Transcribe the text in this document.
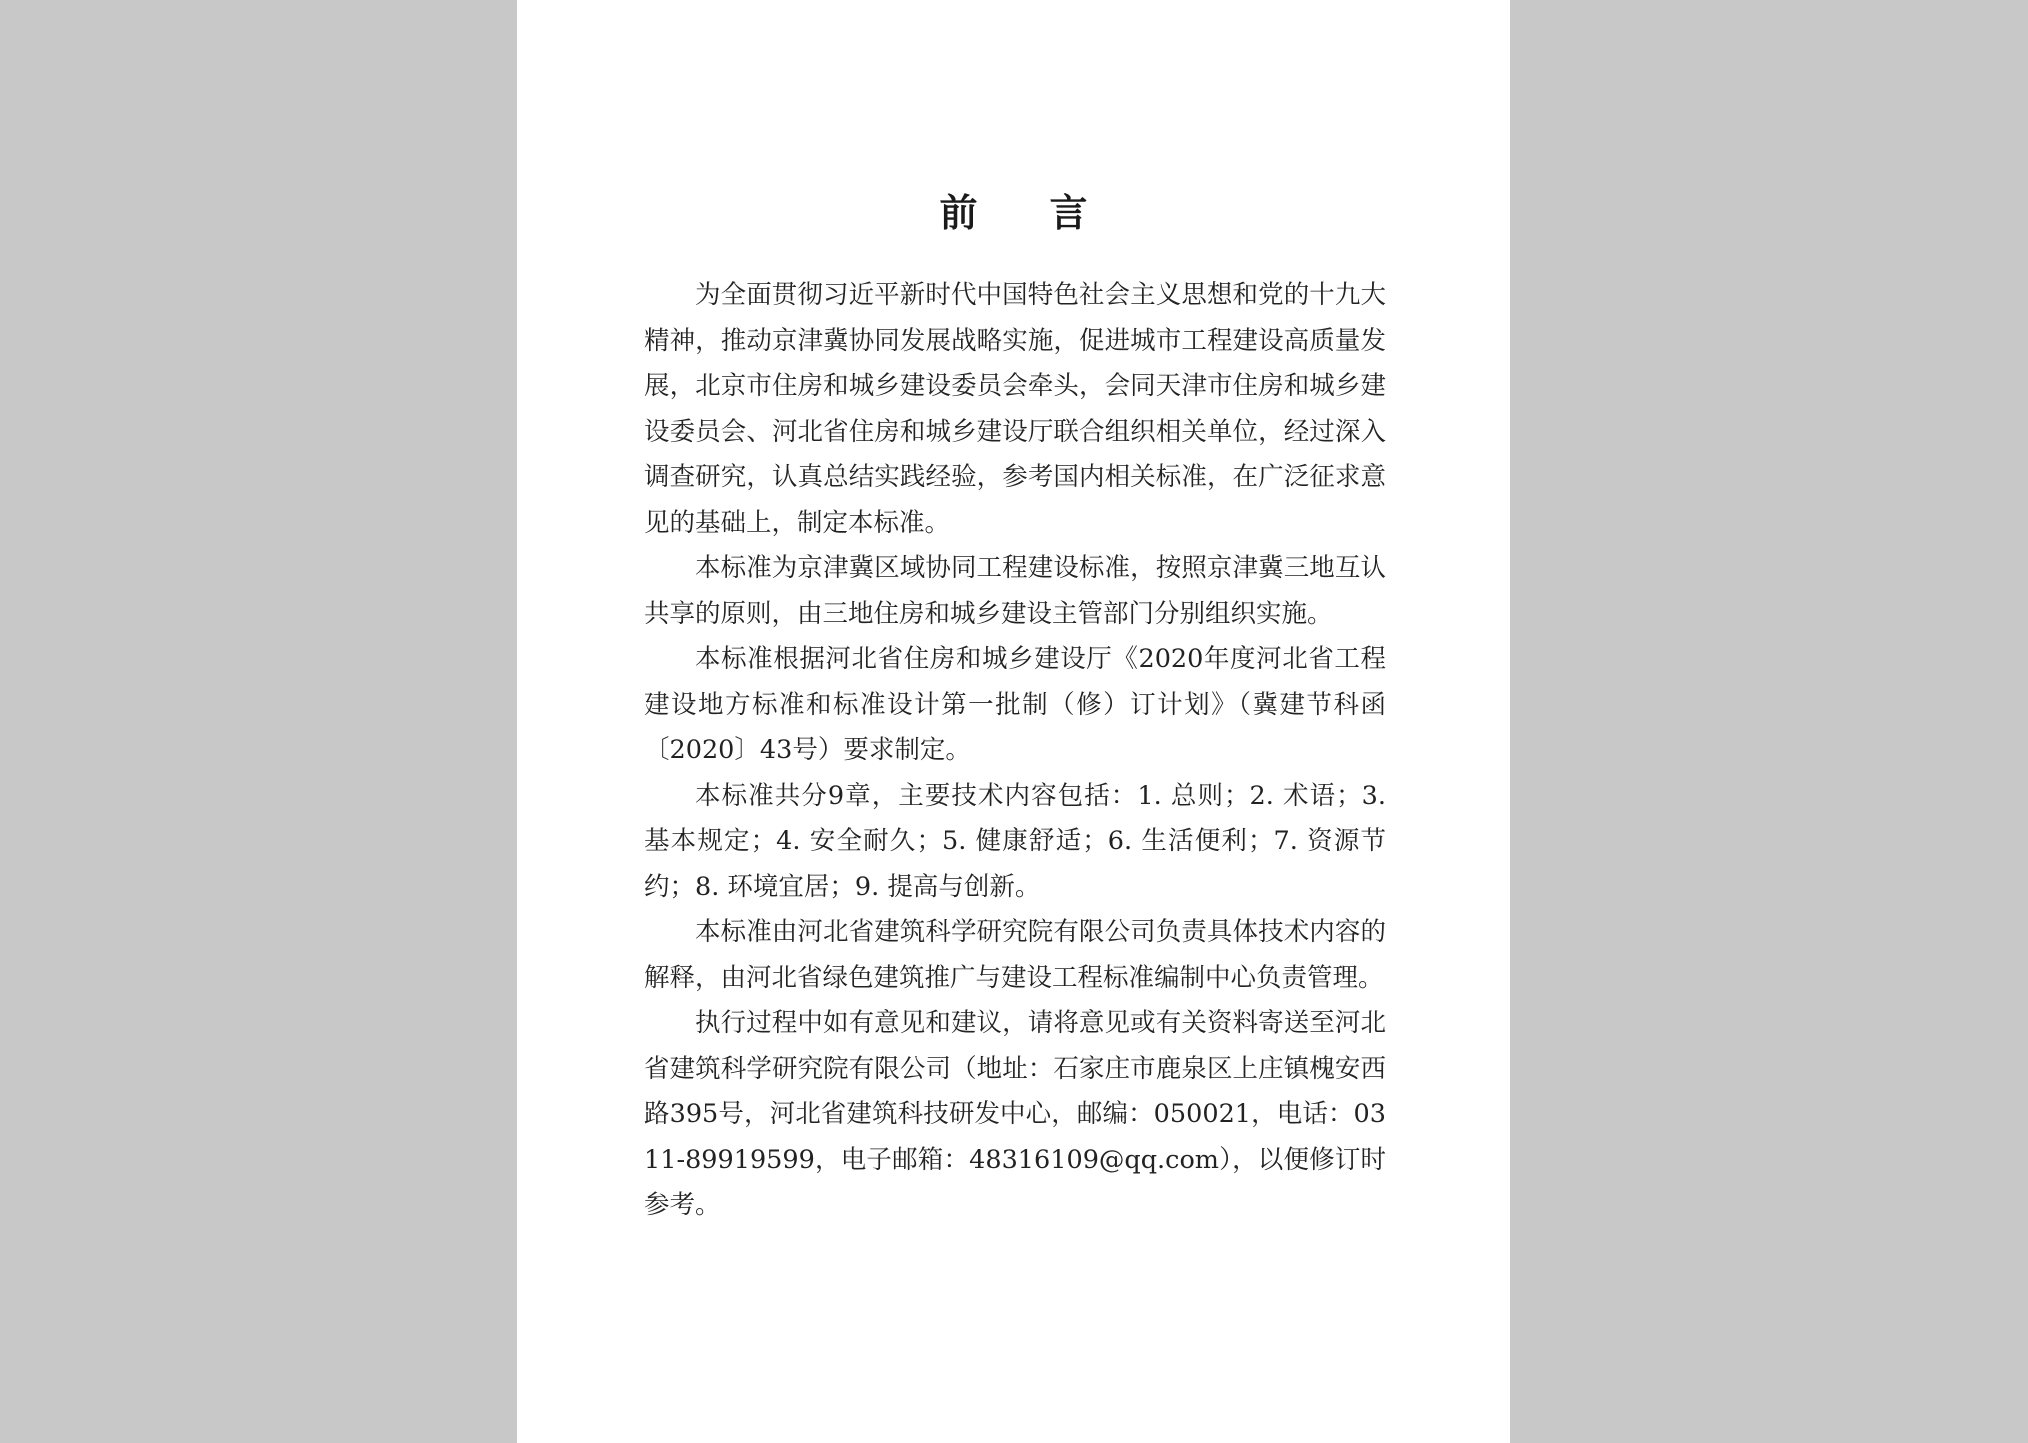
前言

为全面贯彻习近平新时代中国特色社会主义思想和党的十九大精神，推动京津冀协同发展战略实施，促进城市工程建设高质量发展，北京市住房和城乡建设委员会牵头，会同天津市住房和城乡建设委员会、河北省住房和城乡建设厅联合组织相关单位，经过深入调查研究，认真总结实践经验，参考国内相关标准，在广泛征求意见的基础上，制定本标准。

本标准为京津冀区域协同工程建设标准，按照京津冀三地互认共享的原则，由三地住房和城乡建设主管部门分别组织实施。

本标准根据河北省住房和城乡建设厅《2020年度河北省工程建设地方标准和标准设计第一批制（修）订计划》（冀建节科函〔2020〕43号）要求制定。

本标准共分9章，主要技术内容包括：1. 总则；2. 术语；3. 基本规定；4. 安全耐久；5. 健康舒适；6. 生活便利；7. 资源节约；8. 环境宜居；9. 提高与创新。

本标准由河北省建筑科学研究院有限公司负责具体技术内容的解释，由河北省绿色建筑推广与建设工程标准编制中心负责管理。

执行过程中如有意见和建议，请将意见或有关资料寄送至河北省建筑科学研究院有限公司（地址：石家庄市鹿泉区上庄镇槐安西路395号，河北省建筑科技研发中心，邮编：050021，电话：0311-89919599，电子邮箱：48316109@qq.com），以便修订时参考。
